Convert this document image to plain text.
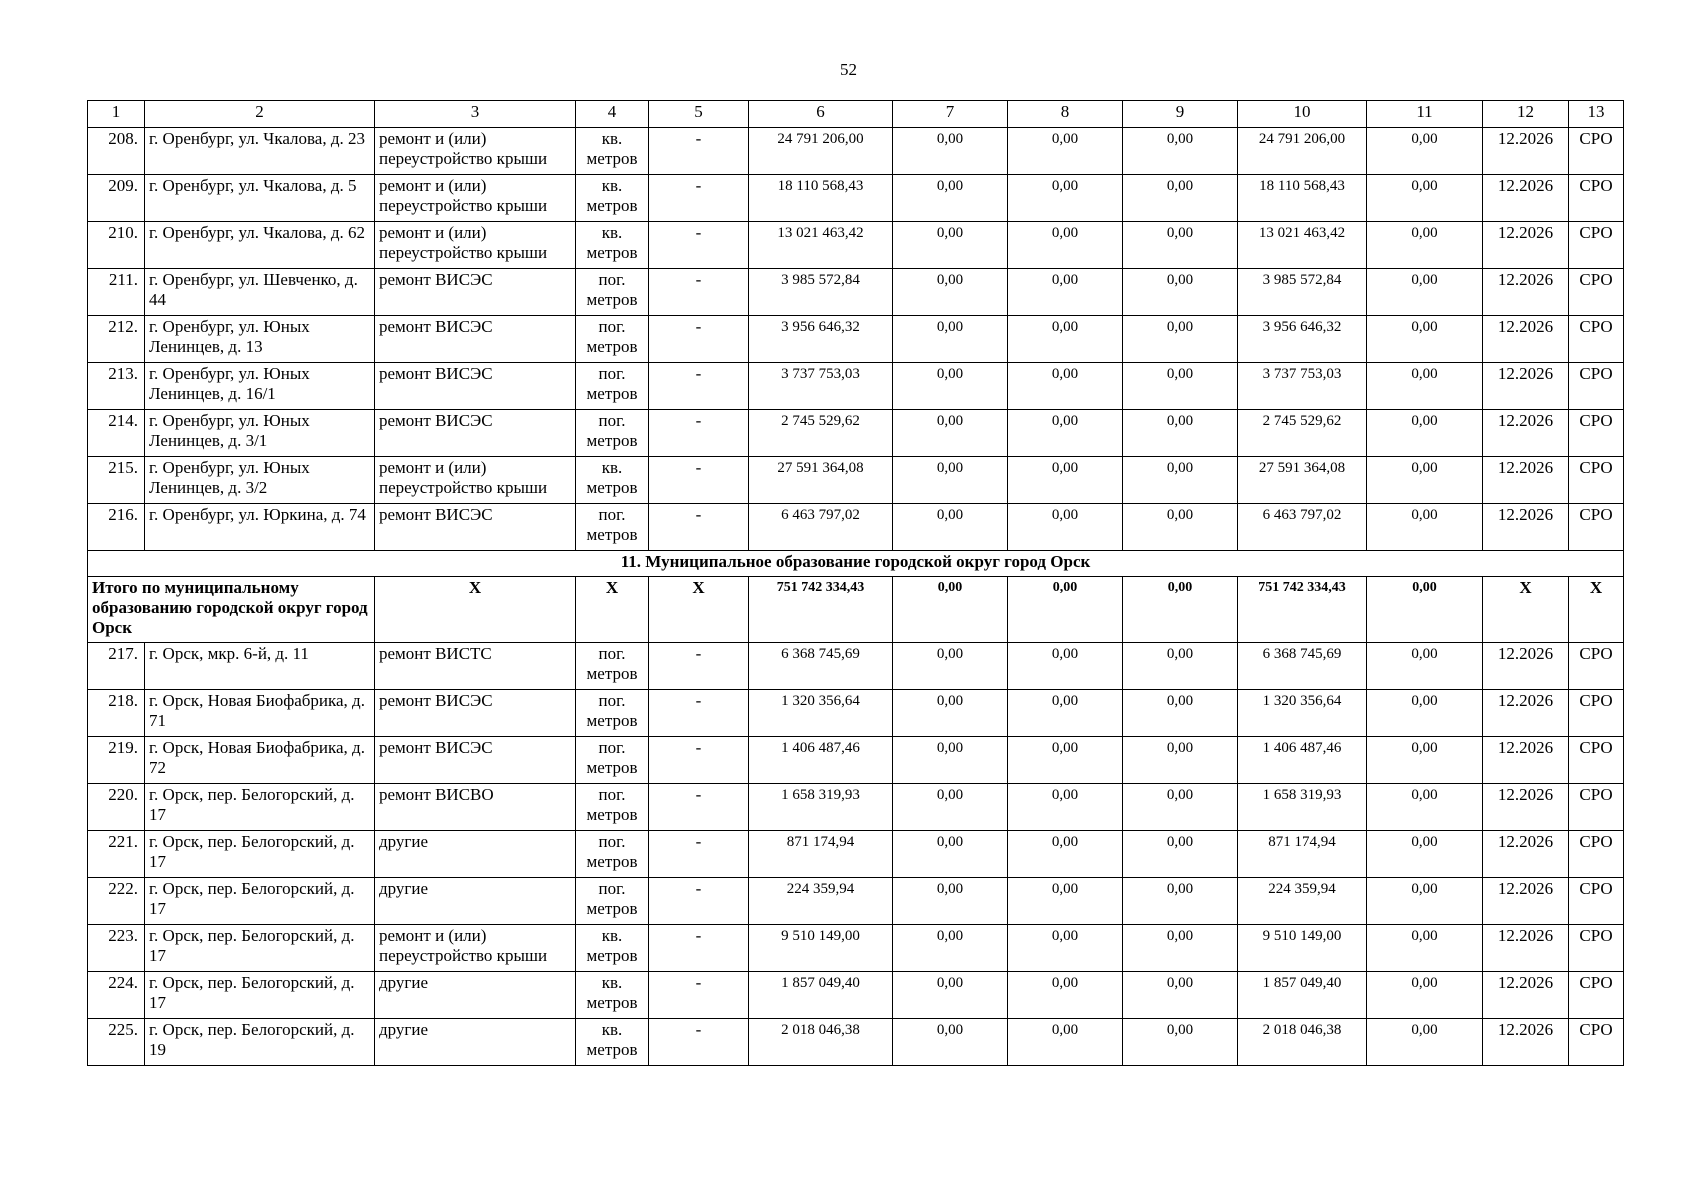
52
1	2	3	4	5	6	7	8	9	10	11	12	13
208.	г. Оренбург, ул. Чкалова, д. 23	ремонт и (или) переустройство крыши	кв. метров	-	24 791 206,00	0,00	0,00	0,00	24 791 206,00	0,00	12.2026	СРО
209.	г. Оренбург, ул. Чкалова, д. 5	ремонт и (или) переустройство крыши	кв. метров	-	18 110 568,43	0,00	0,00	0,00	18 110 568,43	0,00	12.2026	СРО
210.	г. Оренбург, ул. Чкалова, д. 62	ремонт и (или) переустройство крыши	кв. метров	-	13 021 463,42	0,00	0,00	0,00	13 021 463,42	0,00	12.2026	СРО
211.	г. Оренбург, ул. Шевченко, д. 44	ремонт ВИСЭС	пог. метров	-	3 985 572,84	0,00	0,00	0,00	3 985 572,84	0,00	12.2026	СРО
212.	г. Оренбург, ул. Юных Ленинцев, д. 13	ремонт ВИСЭС	пог. метров	-	3 956 646,32	0,00	0,00	0,00	3 956 646,32	0,00	12.2026	СРО
213.	г. Оренбург, ул. Юных Ленинцев, д. 16/1	ремонт ВИСЭС	пог. метров	-	3 737 753,03	0,00	0,00	0,00	3 737 753,03	0,00	12.2026	СРО
214.	г. Оренбург, ул. Юных Ленинцев, д. 3/1	ремонт ВИСЭС	пог. метров	-	2 745 529,62	0,00	0,00	0,00	2 745 529,62	0,00	12.2026	СРО
215.	г. Оренбург, ул. Юных Ленинцев, д. 3/2	ремонт и (или) переустройство крыши	кв. метров	-	27 591 364,08	0,00	0,00	0,00	27 591 364,08	0,00	12.2026	СРО
216.	г. Оренбург, ул. Юркина, д. 74	ремонт ВИСЭС	пог. метров	-	6 463 797,02	0,00	0,00	0,00	6 463 797,02	0,00	12.2026	СРО
11. Муниципальное образование городской округ город Орск												
Итого по муниципальному образованию городской округ город Орск		X	X	X	751 742 334,43	0,00	0,00	0,00	751 742 334,43	0,00	X	X
217.	г. Орск, мкр. 6-й, д. 11	ремонт ВИСТС	пог. метров	-	6 368 745,69	0,00	0,00	0,00	6 368 745,69	0,00	12.2026	СРО
218.	г. Орск, Новая Биофабрика, д. 71	ремонт ВИСЭС	пог. метров	-	1 320 356,64	0,00	0,00	0,00	1 320 356,64	0,00	12.2026	СРО
219.	г. Орск, Новая Биофабрика, д. 72	ремонт ВИСЭС	пог. метров	-	1 406 487,46	0,00	0,00	0,00	1 406 487,46	0,00	12.2026	СРО
220.	г. Орск, пер. Белогорский, д. 17	ремонт ВИСВО	пог. метров	-	1 658 319,93	0,00	0,00	0,00	1 658 319,93	0,00	12.2026	СРО
221.	г. Орск, пер. Белогорский, д. 17	другие	пог. метров	-	871 174,94	0,00	0,00	0,00	871 174,94	0,00	12.2026	СРО
222.	г. Орск, пер. Белогорский, д. 17	другие	пог. метров	-	224 359,94	0,00	0,00	0,00	224 359,94	0,00	12.2026	СРО
223.	г. Орск, пер. Белогорский, д. 17	ремонт и (или) переустройство крыши	кв. метров	-	9 510 149,00	0,00	0,00	0,00	9 510 149,00	0,00	12.2026	СРО
224.	г. Орск, пер. Белогорский, д. 17	другие	кв. метров	-	1 857 049,40	0,00	0,00	0,00	1 857 049,40	0,00	12.2026	СРО
225.	г. Орск, пер. Белогорский, д. 19	другие	кв. метров	-	2 018 046,38	0,00	0,00	0,00	2 018 046,38	0,00	12.2026	СРО
